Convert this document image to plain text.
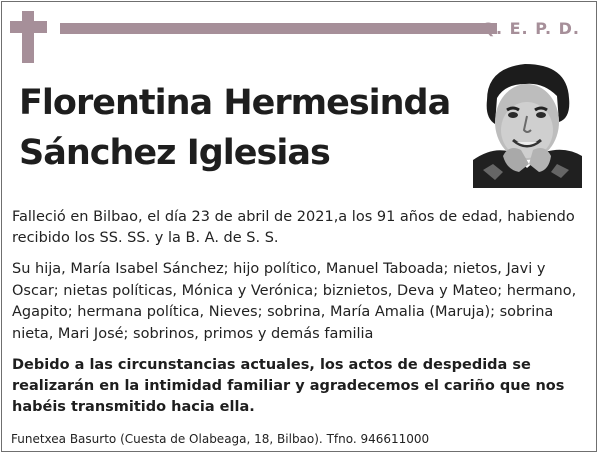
Q. E. P. D.
Florentina Hermesinda
Sánchez Iglesias
Falleció en Bilbao, el día 23 de abril de 2021,a los 91 años de edad, habiendo recibido los SS. SS. y la B. A. de S. S.
Su hija, María Isabel Sánchez; hijo político, Manuel Taboada; nietos, Javi y Oscar; nietas políticas, Mónica y Verónica; biznietos, Deva y Mateo; hermano, Agapito; hermana política, Nieves; sobrina, María Amalia (Maruja); sobrina nieta, Mari José; sobrinos, primos y demás familia
Debido a las circunstancias actuales, los actos de despedida se realizarán en la intimidad familiar y agradecemos el cariño que nos habéis transmitido hacia ella.
Funetxea Basurto (Cuesta de Olabeaga, 18, Bilbao). Tfno. 946611000
